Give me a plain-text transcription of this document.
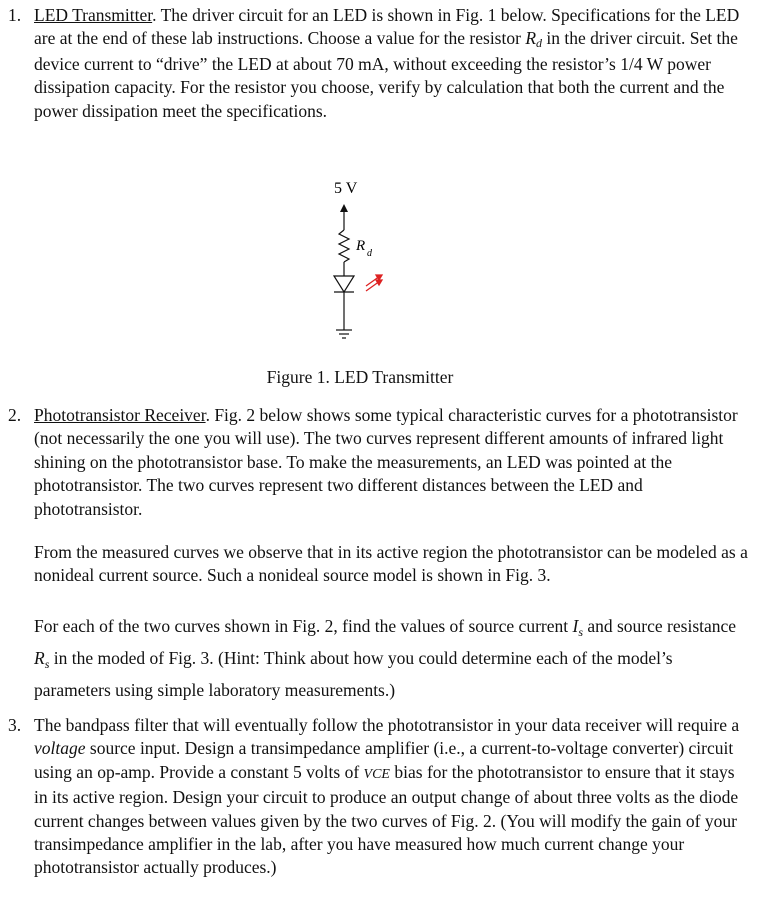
1. LED Transmitter. The driver circuit for an LED is shown in Fig. 1 below. Specifications for the LED are at the end of these lab instructions. Choose a value for the resistor Rd in the driver circuit. Set the device current to “drive” the LED at about 70 mA, without exceeding the resistor’s 1/4 W power dissipation capacity. For the resistor you choose, verify by calculation that both the current and the power dissipation meet the specifications.

5 V
R d
Figure 1. LED Transmitter
2. Phototransistor Receiver. Fig. 2 below shows some typical characteristic curves for a phototransistor (not necessarily the one you will use). The two curves represent different amounts of infrared light shining on the phototransistor base. To make the measurements, an LED was pointed at the phototransistor. The two curves represent two different distances between the LED and phototransistor.

From the measured curves we observe that in its active region the phototransistor can be modeled as a nonideal current source. Such a nonideal source model is shown in Fig. 3.

For each of the two curves shown in Fig. 2, find the values of source current $I_s$ and source resistance $R_s$ in the moded of Fig. 3. (Hint: Think about how you could determine each of the model’s parameters using simple laboratory measurements.)

3. The bandpass filter that will eventually follow the phototransistor in your data receiver will require a voltage source input. Design a transimpedance amplifier (i.e., a current-to-voltage converter) circuit using an op-amp. Provide a constant 5 volts of VCE bias for the phototransistor to ensure that it stays in its active region. Design your circuit to produce an output change of about three volts as the diode current changes between values given by the two curves of Fig. 2. (You will modify the gain of your transimpedance amplifier in the lab, after you have measured how much current change your phototransistor actually produces.)
